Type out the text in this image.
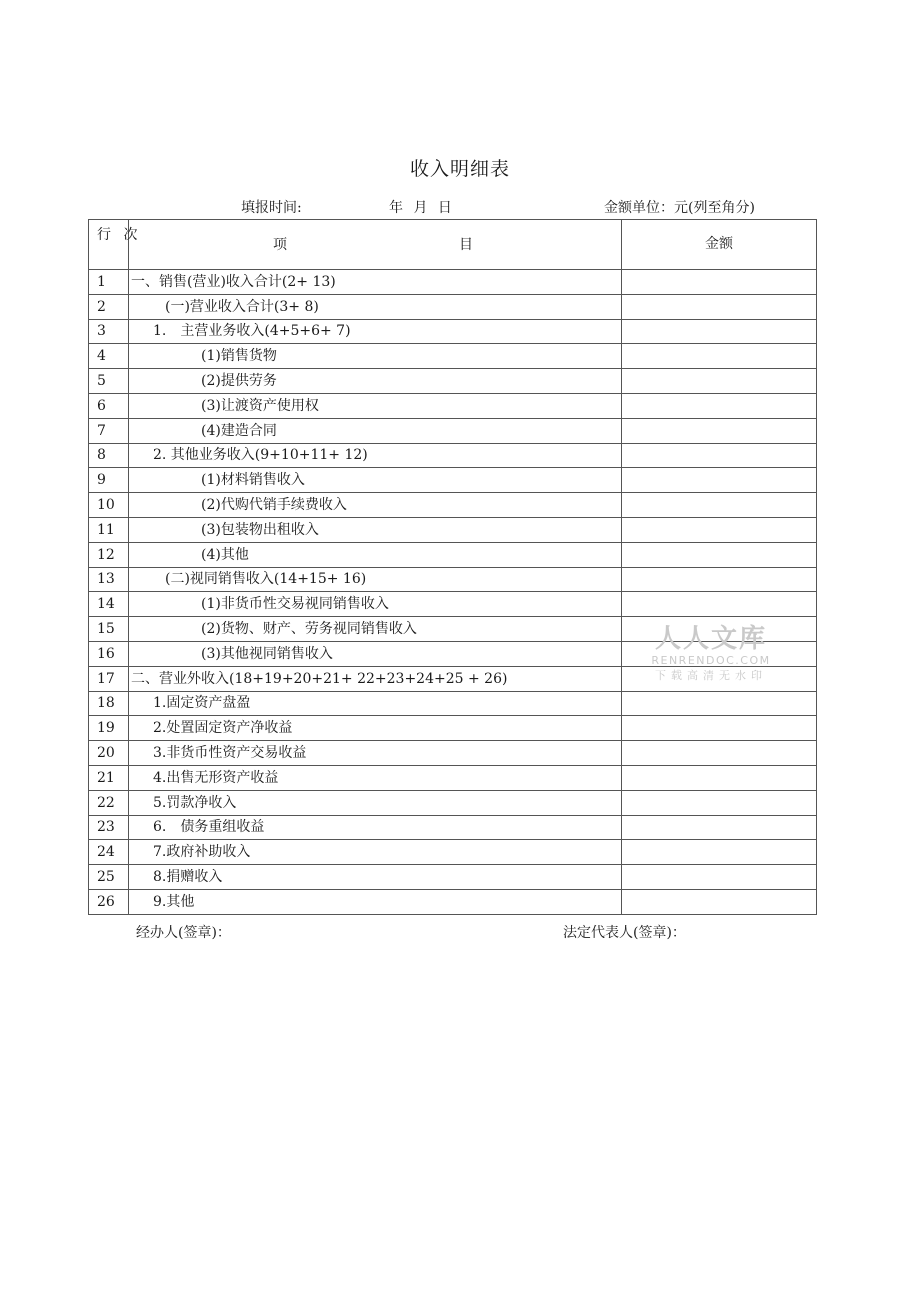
收入明细表
填报时间:	年 月 日	金额单位：元(列至角分)
行 次	项 目	金额
1	一、销售(营业)收入合计(2+ 13)	
2	(一)营业收入合计(3+ 8)	
3	1.　主营业务收入(4+5+6+ 7)	
4	(1)销售货物	
5	(2)提供劳务	
6	(3)让渡资产使用权	
7	(4)建造合同	
8	2. 其他业务收入(9+10+11+ 12)	
9	(1)材料销售收入	
10	(2)代购代销手续费收入	
11	(3)包装物出租收入	
12	(4)其他	
13	(二)视同销售收入(14+15+ 16)	
14	(1)非货币性交易视同销售收入	
15	(2)货物、财产、劳务视同销售收入	
16	(3)其他视同销售收入	
17	二、营业外收入(18+19+20+21+ 22+23+24+25 + 26)	
18	1.固定资产盘盈	
19	2.处置固定资产净收益	
20	3.非货币性资产交易收益	
21	4.出售无形资产收益	
22	5.罚款净收入	
23	6.　债务重组收益	
24	7.政府补助收入	
25	8.捐赠收入	
26	9.其他	
经办人(签章)：	法定代表人(签章)：
人人文库
RENRENDOC.COM
下载高清无水印
